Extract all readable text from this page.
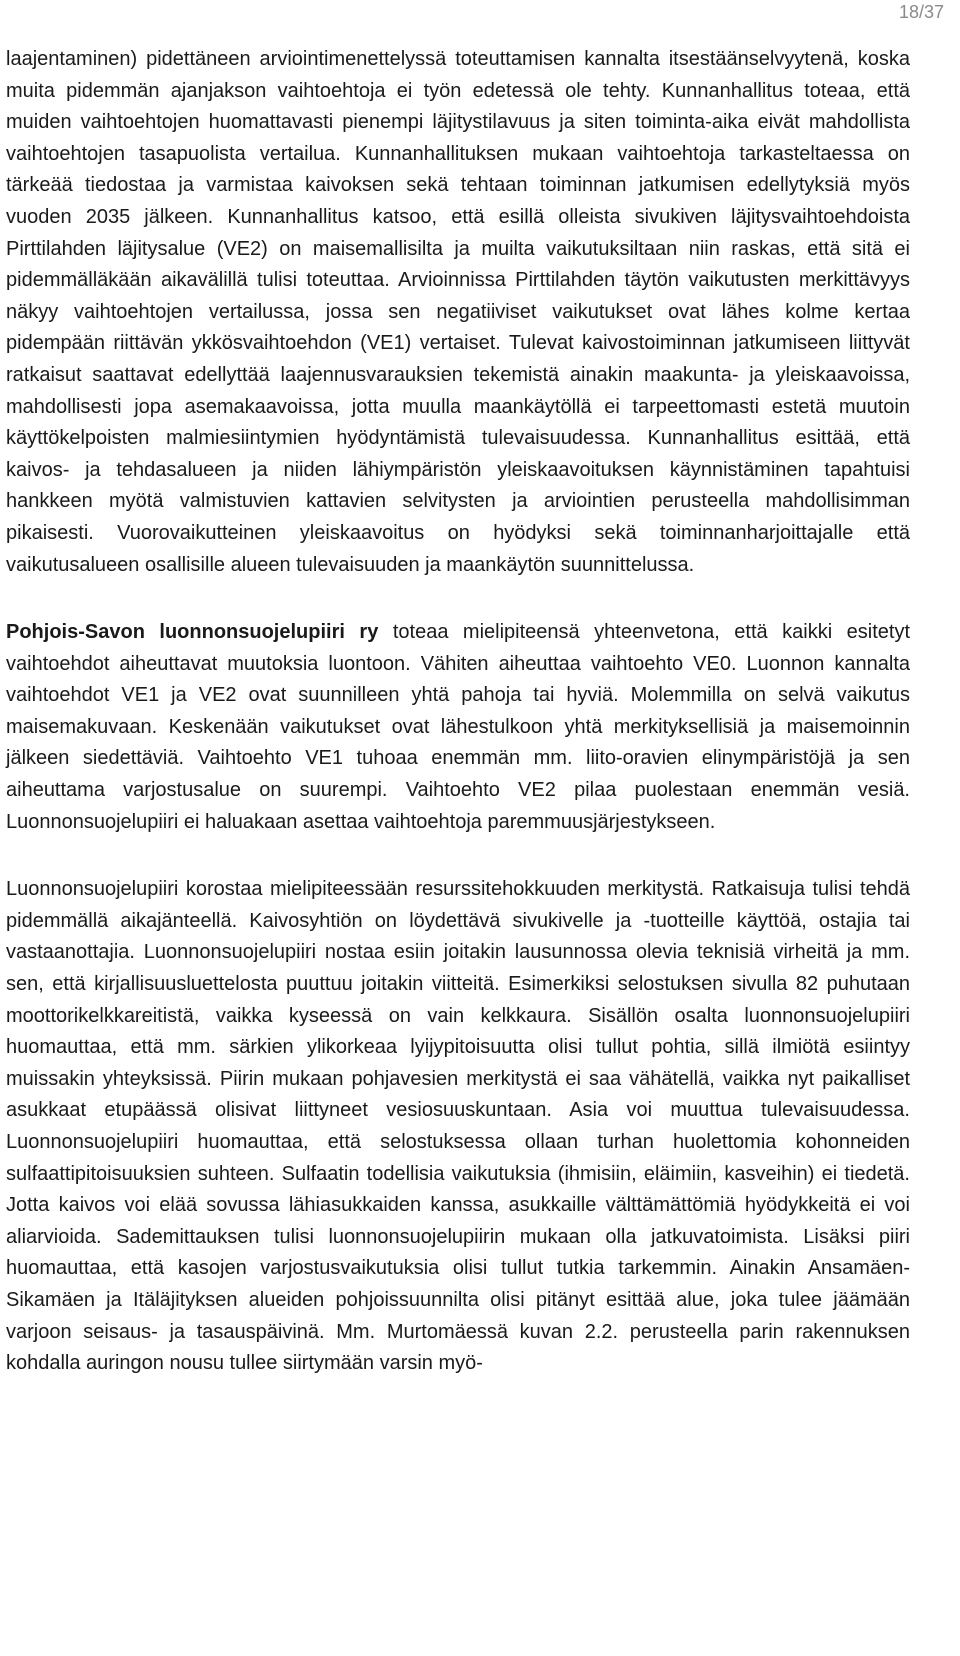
18/37

laajentaminen) pidettäneen arviointimenettelyssä toteuttamisen kannalta itsestäänselvyytenä, koska muita pidemmän ajanjakson vaihtoehtoja ei työn edetessä ole tehty. Kunnanhallitus toteaa, että muiden vaihtoehtojen huomattavasti pienempi läjitystilavuus ja siten toiminta-aika eivät mahdollista vaihtoehtojen tasapuolista vertailua. Kunnanhallituksen mukaan vaihtoehtoja tarkasteltaessa on tärkeää tiedostaa ja varmistaa kaivoksen sekä tehtaan toiminnan jatkumisen edellytyksiä myös vuoden 2035 jälkeen. Kunnanhallitus katsoo, että esillä olleista sivukiven läjitysvaihtoehdoista Pirttilahden läjitysalue (VE2) on maisemallisilta ja muilta vaikutuksiltaan niin raskas, että sitä ei pidemmälläkään aikavälillä tulisi toteuttaa. Arvioinnissa Pirttilahden täytön vaikutusten merkittävyys näkyy vaihtoehtojen vertailussa, jossa sen negatiiviset vaikutukset ovat lähes kolme kertaa pidempään riittävän ykkösvaihtoehdon (VE1) vertaiset. Tulevat kaivostoiminnan jatkumiseen liittyvät ratkaisut saattavat edellyttää laajennusvarauksien tekemistä ainakin maakunta- ja yleiskaavoissa, mahdollisesti jopa asemakaavoissa, jotta muulla maankäytöllä ei tarpeettomasti estetä muutoin käyttökelpoisten malmiesiintymien hyödyntämistä tulevaisuudessa. Kunnanhallitus esittää, että kaivos- ja tehdasalueen ja niiden lähiympäristön yleiskaavoituksen käynnistäminen tapahtuisi hankkeen myötä valmistuvien kattavien selvitysten ja arviointien perusteella mahdollisimman pikaisesti. Vuorovaikutteinen yleiskaavoitus on hyödyksi sekä toiminnanharjoittajalle että vaikutusalueen osallisille alueen tulevaisuuden ja maankäytön suunnittelussa.

Pohjois-Savon luonnonsuojelupiiri ry toteaa mielipiteensä yhteenvetona, että kaikki esitetyt vaihtoehdot aiheuttavat muutoksia luontoon. Vähiten aiheuttaa vaihtoehto VE0. Luonnon kannalta vaihtoehdot VE1 ja VE2 ovat suunnilleen yhtä pahoja tai hyviä. Molemmilla on selvä vaikutus maisemakuvaan. Keskenään vaikutukset ovat lähestulkoon yhtä merkityksellisiä ja maisemoinnin jälkeen siedettäviä. Vaihtoehto VE1 tuhoaa enemmän mm. liito-oravien elinympäristöjä ja sen aiheuttama varjostusalue on suurempi. Vaihtoehto VE2 pilaa puolestaan enemmän vesiä. Luonnonsuojelupiiri ei haluakaan asettaa vaihtoehtoja paremmuusjärjestykseen.

Luonnonsuojelupiiri korostaa mielipiteessään resurssitehokkuuden merkitystä. Ratkaisuja tulisi tehdä pidemmällä aikajänteellä. Kaivosyhtiön on löydettävä sivukivelle ja -tuotteille käyttöä, ostajia tai vastaanottajia. Luonnonsuojelupiiri nostaa esiin joitakin lausunnossa olevia teknisiä virheitä ja mm. sen, että kirjallisuusluettelosta puuttuu joitakin viitteitä. Esimerkiksi selostuksen sivulla 82 puhutaan moottorikelkkareitistä, vaikka kyseessä on vain kelkkaura. Sisällön osalta luonnonsuojelupiiri huomauttaa, että mm. särkien ylikorkeaa lyijypitoisuutta olisi tullut pohtia, sillä ilmiötä esiintyy muissakin yhteyksissä. Piirin mukaan pohjavesien merkitystä ei saa vähätellä, vaikka nyt paikalliset asukkaat etupäässä olisivat liittyneet vesiosuuskuntaan. Asia voi muuttua tulevaisuudessa. Luonnonsuojelupiiri huomauttaa, että selostuksessa ollaan turhan huolettomia kohonneiden sulfaattipitoisuuksien suhteen. Sulfaatin todellisia vaikutuksia (ihmisiin, eläimiin, kasveihin) ei tiedetä. Jotta kaivos voi elää sovussa lähiasukkaiden kanssa, asukkaille välttämättömiä hyödykkeitä ei voi aliarvioida. Sademittauksen tulisi luonnonsuojelupiirin mukaan olla jatkuvatoimista. Lisäksi piiri huomauttaa, että kasojen varjostusvaikutuksia olisi tullut tutkia tarkemmin. Ainakin Ansamäen-Sikamäen ja Itäläjityksen alueiden pohjoissuunnilta olisi pitänyt esittää alue, joka tulee jäämään varjoon seisaus- ja tasauspäivinä. Mm. Murtomäessä kuvan 2.2. perusteella parin rakennuksen kohdalla auringon nousu tullee siirtymään varsin myö-
